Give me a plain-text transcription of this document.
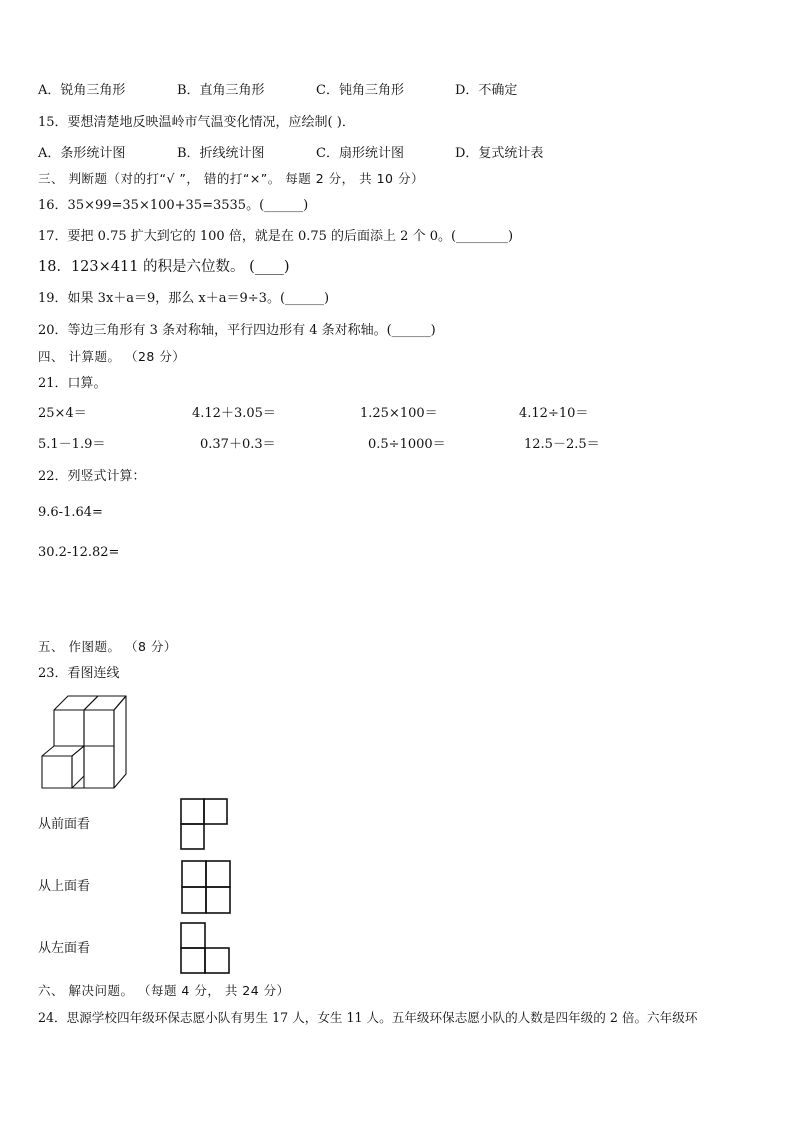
A．锐角三角形	B．直角三角形	C．钝角三角形	D．不确定
15．要想清楚地反映温岭市气温变化情况，应绘制( )．
A．条形统计图	B．折线统计图	C．扇形统计图	D．复式统计表
三、 判断题（对的打“√ ”， 错的打“×”。 每题 2 分， 共 10 分）
16．35×99=35×100+35=3535。(______)
17．要把 0.75 扩大到它的 100 倍，就是在 0.75 的后面添上 2 个 0。(________)
18．123×411 的积是六位数。 (____)
19．如果 3x＋a＝9，那么 x＋a＝9÷3。(______)
20．等边三角形有 3 条对称轴，平行四边形有 4 条对称轴。(______)
四、 计算题。 （28 分）
21．口算。
25×4＝	4.12＋3.05＝	1.25×100＝	4.12÷10＝
5.1－1.9＝	0.37＋0.3＝	0.5÷1000＝	12.5－2.5＝
22．列竖式计算：
9.6-1.64=
30.2-12.82=
五、 作图题。 （8 分）
23．看图连线
从前面看
从上面看
从左面看
六、 解决问题。 （每题 4 分， 共 24 分）
24．思源学校四年级环保志愿小队有男生 17 人，女生 11 人。五年级环保志愿小队的人数是四年级的 2 倍。六年级环
